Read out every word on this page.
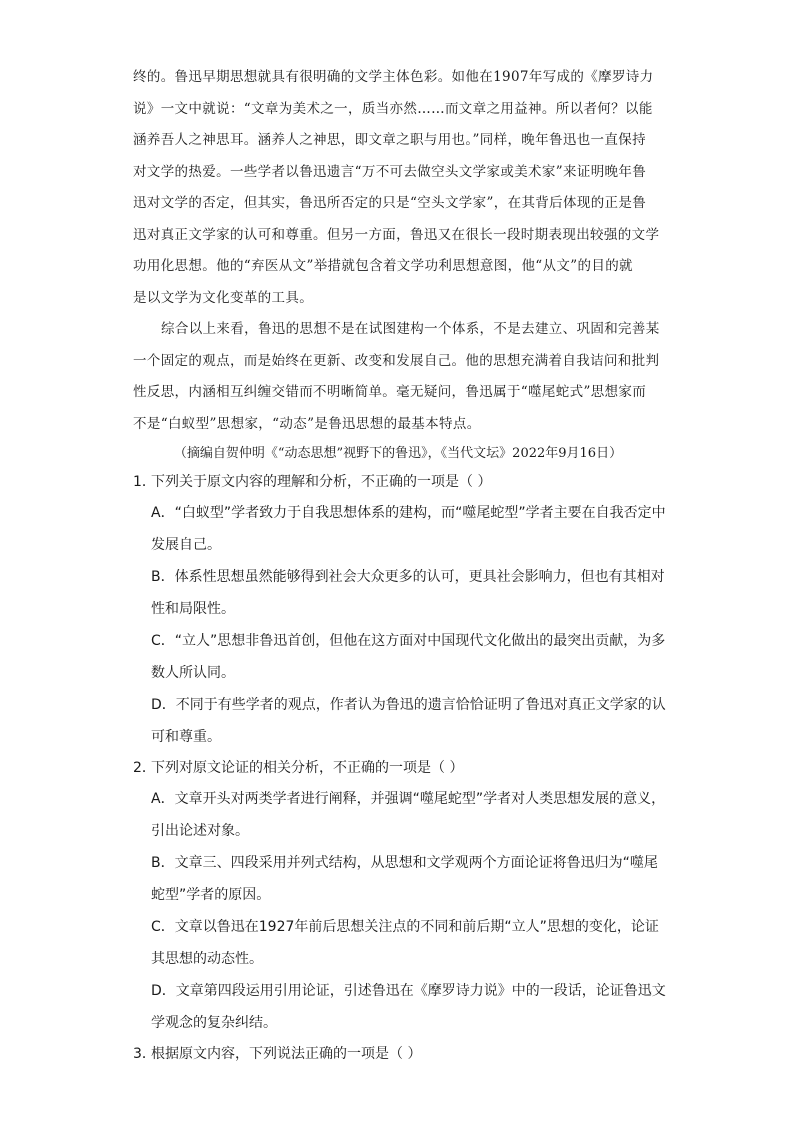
终的。鲁迅早期思想就具有很明确的文学主体色彩。如他在1907年写成的《摩罗诗力
说》一文中就说：“文章为美术之一，质当亦然……而文章之用益神。所以者何？以能
涵养吾人之神思耳。涵养人之神思，即文章之职与用也。”同样，晚年鲁迅也一直保持
对文学的热爱。一些学者以鲁迅遗言“万不可去做空头文学家或美术家”来证明晚年鲁
迅对文学的否定，但其实，鲁迅所否定的只是“空头文学家”，在其背后体现的正是鲁
迅对真正文学家的认可和尊重。但另一方面，鲁迅又在很长一段时期表现出较强的文学
功用化思想。他的“弃医从文”举措就包含着文学功利思想意图，他“从文”的目的就
是以文学为文化变革的工具。
综合以上来看，鲁迅的思想不是在试图建构一个体系，不是去建立、巩固和完善某
一个固定的观点，而是始终在更新、改变和发展自己。他的思想充满着自我诘问和批判
性反思，内涵相互纠缠交错而不明晰简单。毫无疑问，鲁迅属于“噬尾蛇式”思想家而
不是“白蚁型”思想家，“动态”是鲁迅思想的最基本特点。
（摘编自贺仲明《“动态思想”视野下的鲁迅》，《当代文坛》2022年9月16日）
1．下列关于原文内容的理解和分析，不正确的一项是（ ）
A．“白蚁型”学者致力于自我思想体系的建构，而“噬尾蛇型”学者主要在自我否定中
发展自己。
B．体系性思想虽然能够得到社会大众更多的认可，更具社会影响力，但也有其相对
性和局限性。
C．“立人”思想非鲁迅首创，但他在这方面对中国现代文化做出的最突出贡献，为多
数人所认同。
D．不同于有些学者的观点，作者认为鲁迅的遗言恰恰证明了鲁迅对真正文学家的认
可和尊重。
2．下列对原文论证的相关分析，不正确的一项是（ ）
A．文章开头对两类学者进行阐释，并强调“噬尾蛇型”学者对人类思想发展的意义，
引出论述对象。
B．文章三、四段采用并列式结构，从思想和文学观两个方面论证将鲁迅归为“噬尾
蛇型”学者的原因。
C．文章以鲁迅在1927年前后思想关注点的不同和前后期“立人”思想的变化，论证
其思想的动态性。
D．文章第四段运用引用论证，引述鲁迅在《摩罗诗力说》中的一段话，论证鲁迅文
学观念的复杂纠结。
3．根据原文内容，下列说法正确的一项是（ ）
